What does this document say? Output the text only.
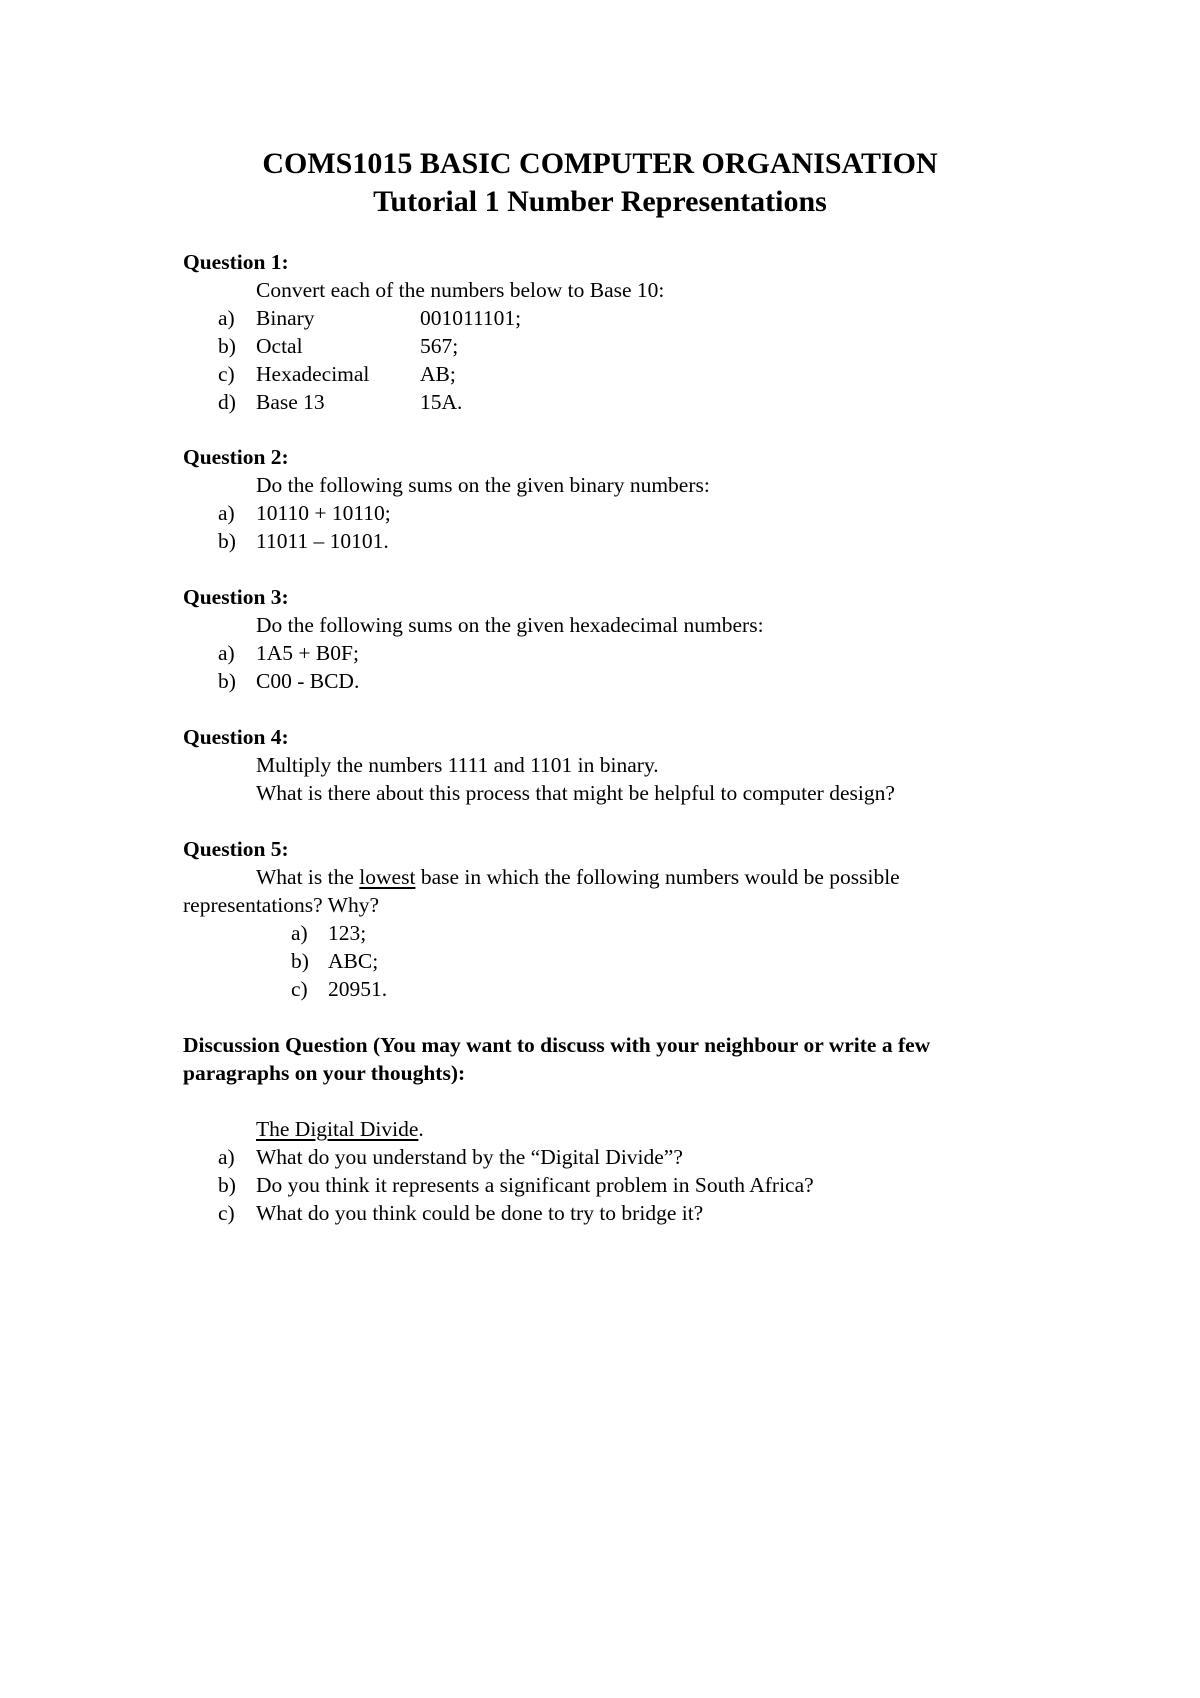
COMS1015 BASIC COMPUTER ORGANISATION
Tutorial 1 Number Representations
Question 1:
Convert each of the numbers below to Base 10:
a) Binary	001011101;
b) Octal	567;
c) Hexadecimal AB;
d) Base 13	15A.
Question 2:
Do the following sums on the given binary numbers:
a) 10110 + 10110;
b) 11011 – 10101.
Question 3:
Do the following sums on the given hexadecimal numbers:
a) 1A5 + B0F;
b) C00 - BCD.
Question 4:
Multiply the numbers 1111 and 1101 in binary.
What is there about this process that might be helpful to computer design?
Question 5:
What is the lowest base in which the following numbers would be possible
representations? Why?
a) 123;
b) ABC;
c) 20951.
Discussion Question (You may want to discuss with your neighbour or write a few paragraphs on your thoughts):
The Digital Divide.
a) What do you understand by the “Digital Divide”?
b) Do you think it represents a significant problem in South Africa?
c) What do you think could be done to try to bridge it?
